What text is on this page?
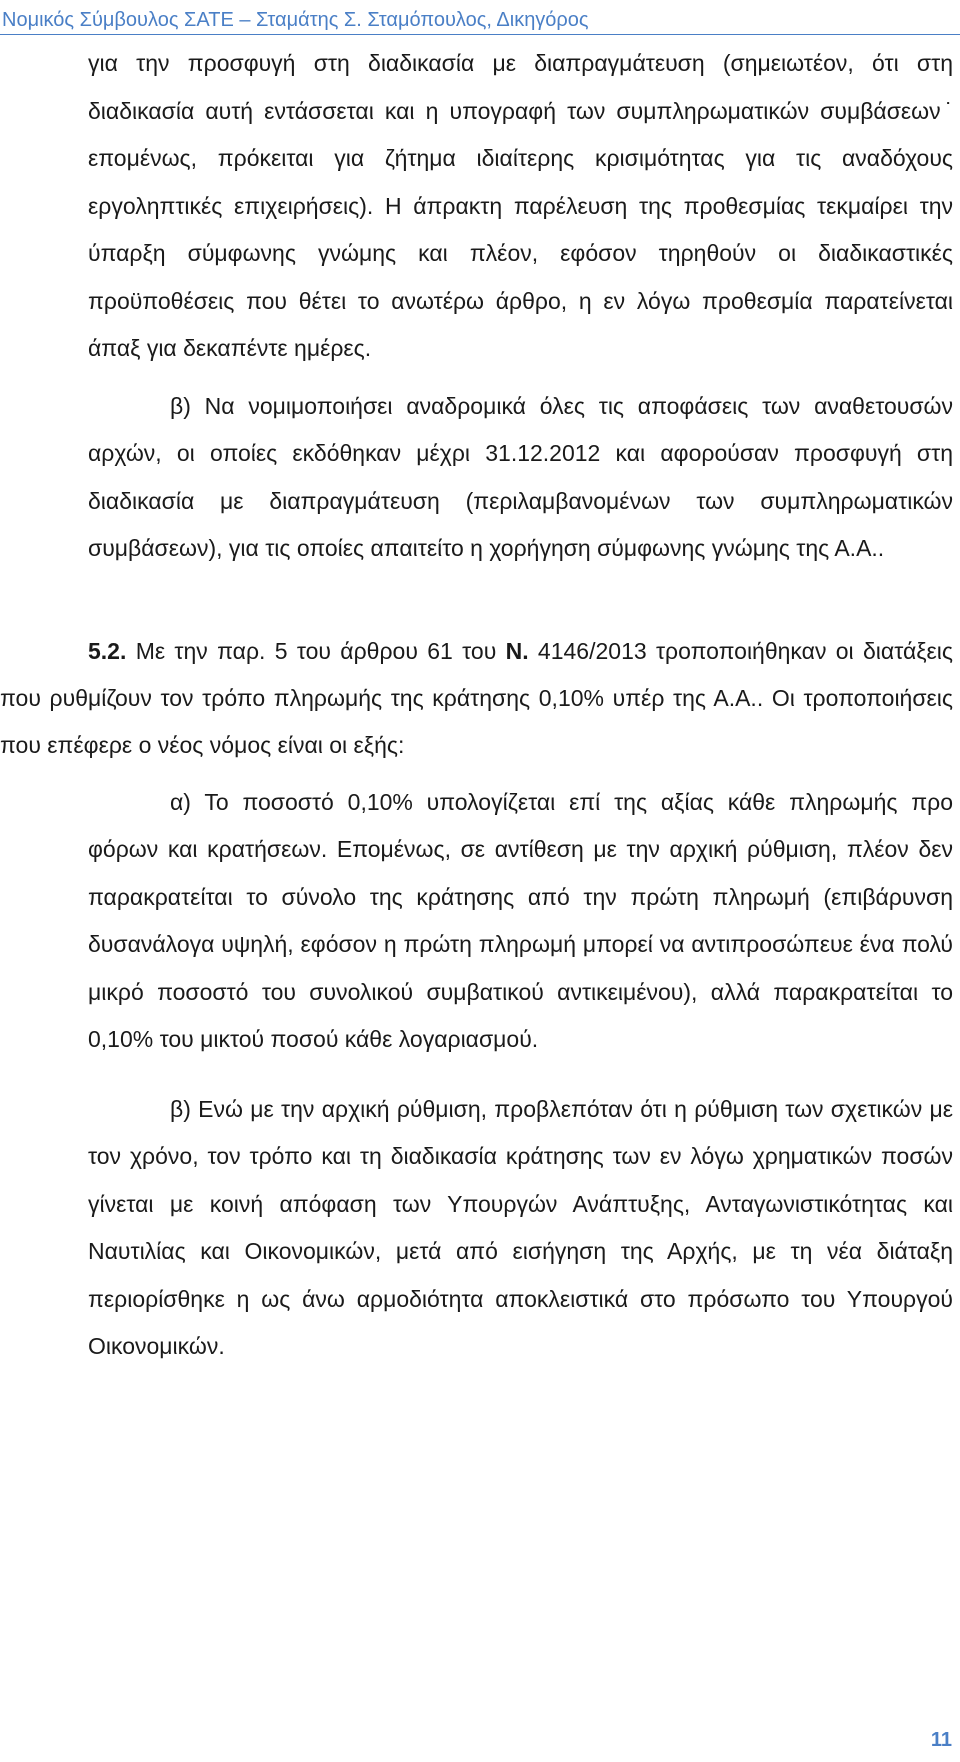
Νομικός Σύμβουλος ΣΑΤΕ – Σταμάτης Σ. Σταμόπουλος, Δικηγόρος

για την προσφυγή στη διαδικασία με διαπραγμάτευση (σημειωτέον, ότι στη διαδικασία αυτή εντάσσεται και η υπογραφή των συμπληρωματικών συμβάσεων˙ επομένως, πρόκειται για ζήτημα ιδιαίτερης κρισιμότητας για τις αναδόχους εργοληπτικές επιχειρήσεις). Η άπρακτη παρέλευση της προθεσμίας τεκμαίρει την ύπαρξη σύμφωνης γνώμης και πλέον, εφόσον τηρηθούν οι διαδικαστικές προϋποθέσεις που θέτει το ανωτέρω άρθρο, η εν λόγω προθεσμία παρατείνεται άπαξ για δεκαπέντε ημέρες.

β) Να νομιμοποιήσει αναδρομικά όλες τις αποφάσεις των αναθετουσών αρχών, οι οποίες εκδόθηκαν μέχρι 31.12.2012 και αφορούσαν προσφυγή στη διαδικασία με διαπραγμάτευση (περιλαμβανομένων των συμπληρωματικών συμβάσεων), για τις οποίες απαιτείτο η χορήγηση σύμφωνης γνώμης της Α.Α..

5.2. Με την παρ. 5 του άρθρου 61 του Ν. 4146/2013 τροποποιήθηκαν οι διατάξεις που ρυθμίζουν τον τρόπο πληρωμής της κράτησης 0,10% υπέρ της Α.Α.. Οι τροποποιήσεις που επέφερε ο νέος νόμος είναι οι εξής:

α) Το ποσοστό 0,10% υπολογίζεται επί της αξίας κάθε πληρωμής προ φόρων και κρατήσεων. Επομένως, σε αντίθεση με την αρχική ρύθμιση, πλέον δεν παρακρατείται το σύνολο της κράτησης από την πρώτη πληρωμή (επιβάρυνση δυσανάλογα υψηλή, εφόσον η πρώτη πληρωμή μπορεί να αντιπροσώπευε ένα πολύ μικρό ποσοστό του συνολικού συμβατικού αντικειμένου), αλλά παρακρατείται το 0,10% του μικτού ποσού κάθε λογαριασμού.

β) Ενώ με την αρχική ρύθμιση, προβλεπόταν ότι η ρύθμιση των σχετικών με τον χρόνο, τον τρόπο και τη διαδικασία κράτησης των εν λόγω χρηματικών ποσών γίνεται με κοινή απόφαση των Υπουργών Ανάπτυξης, Ανταγωνιστικότητας και Ναυτιλίας και Οικονομικών, μετά από εισήγηση της Αρχής, με τη νέα διάταξη περιορίσθηκε η ως άνω αρμοδιότητα αποκλειστικά στο πρόσωπο του Υπουργού Οικονομικών.

11
